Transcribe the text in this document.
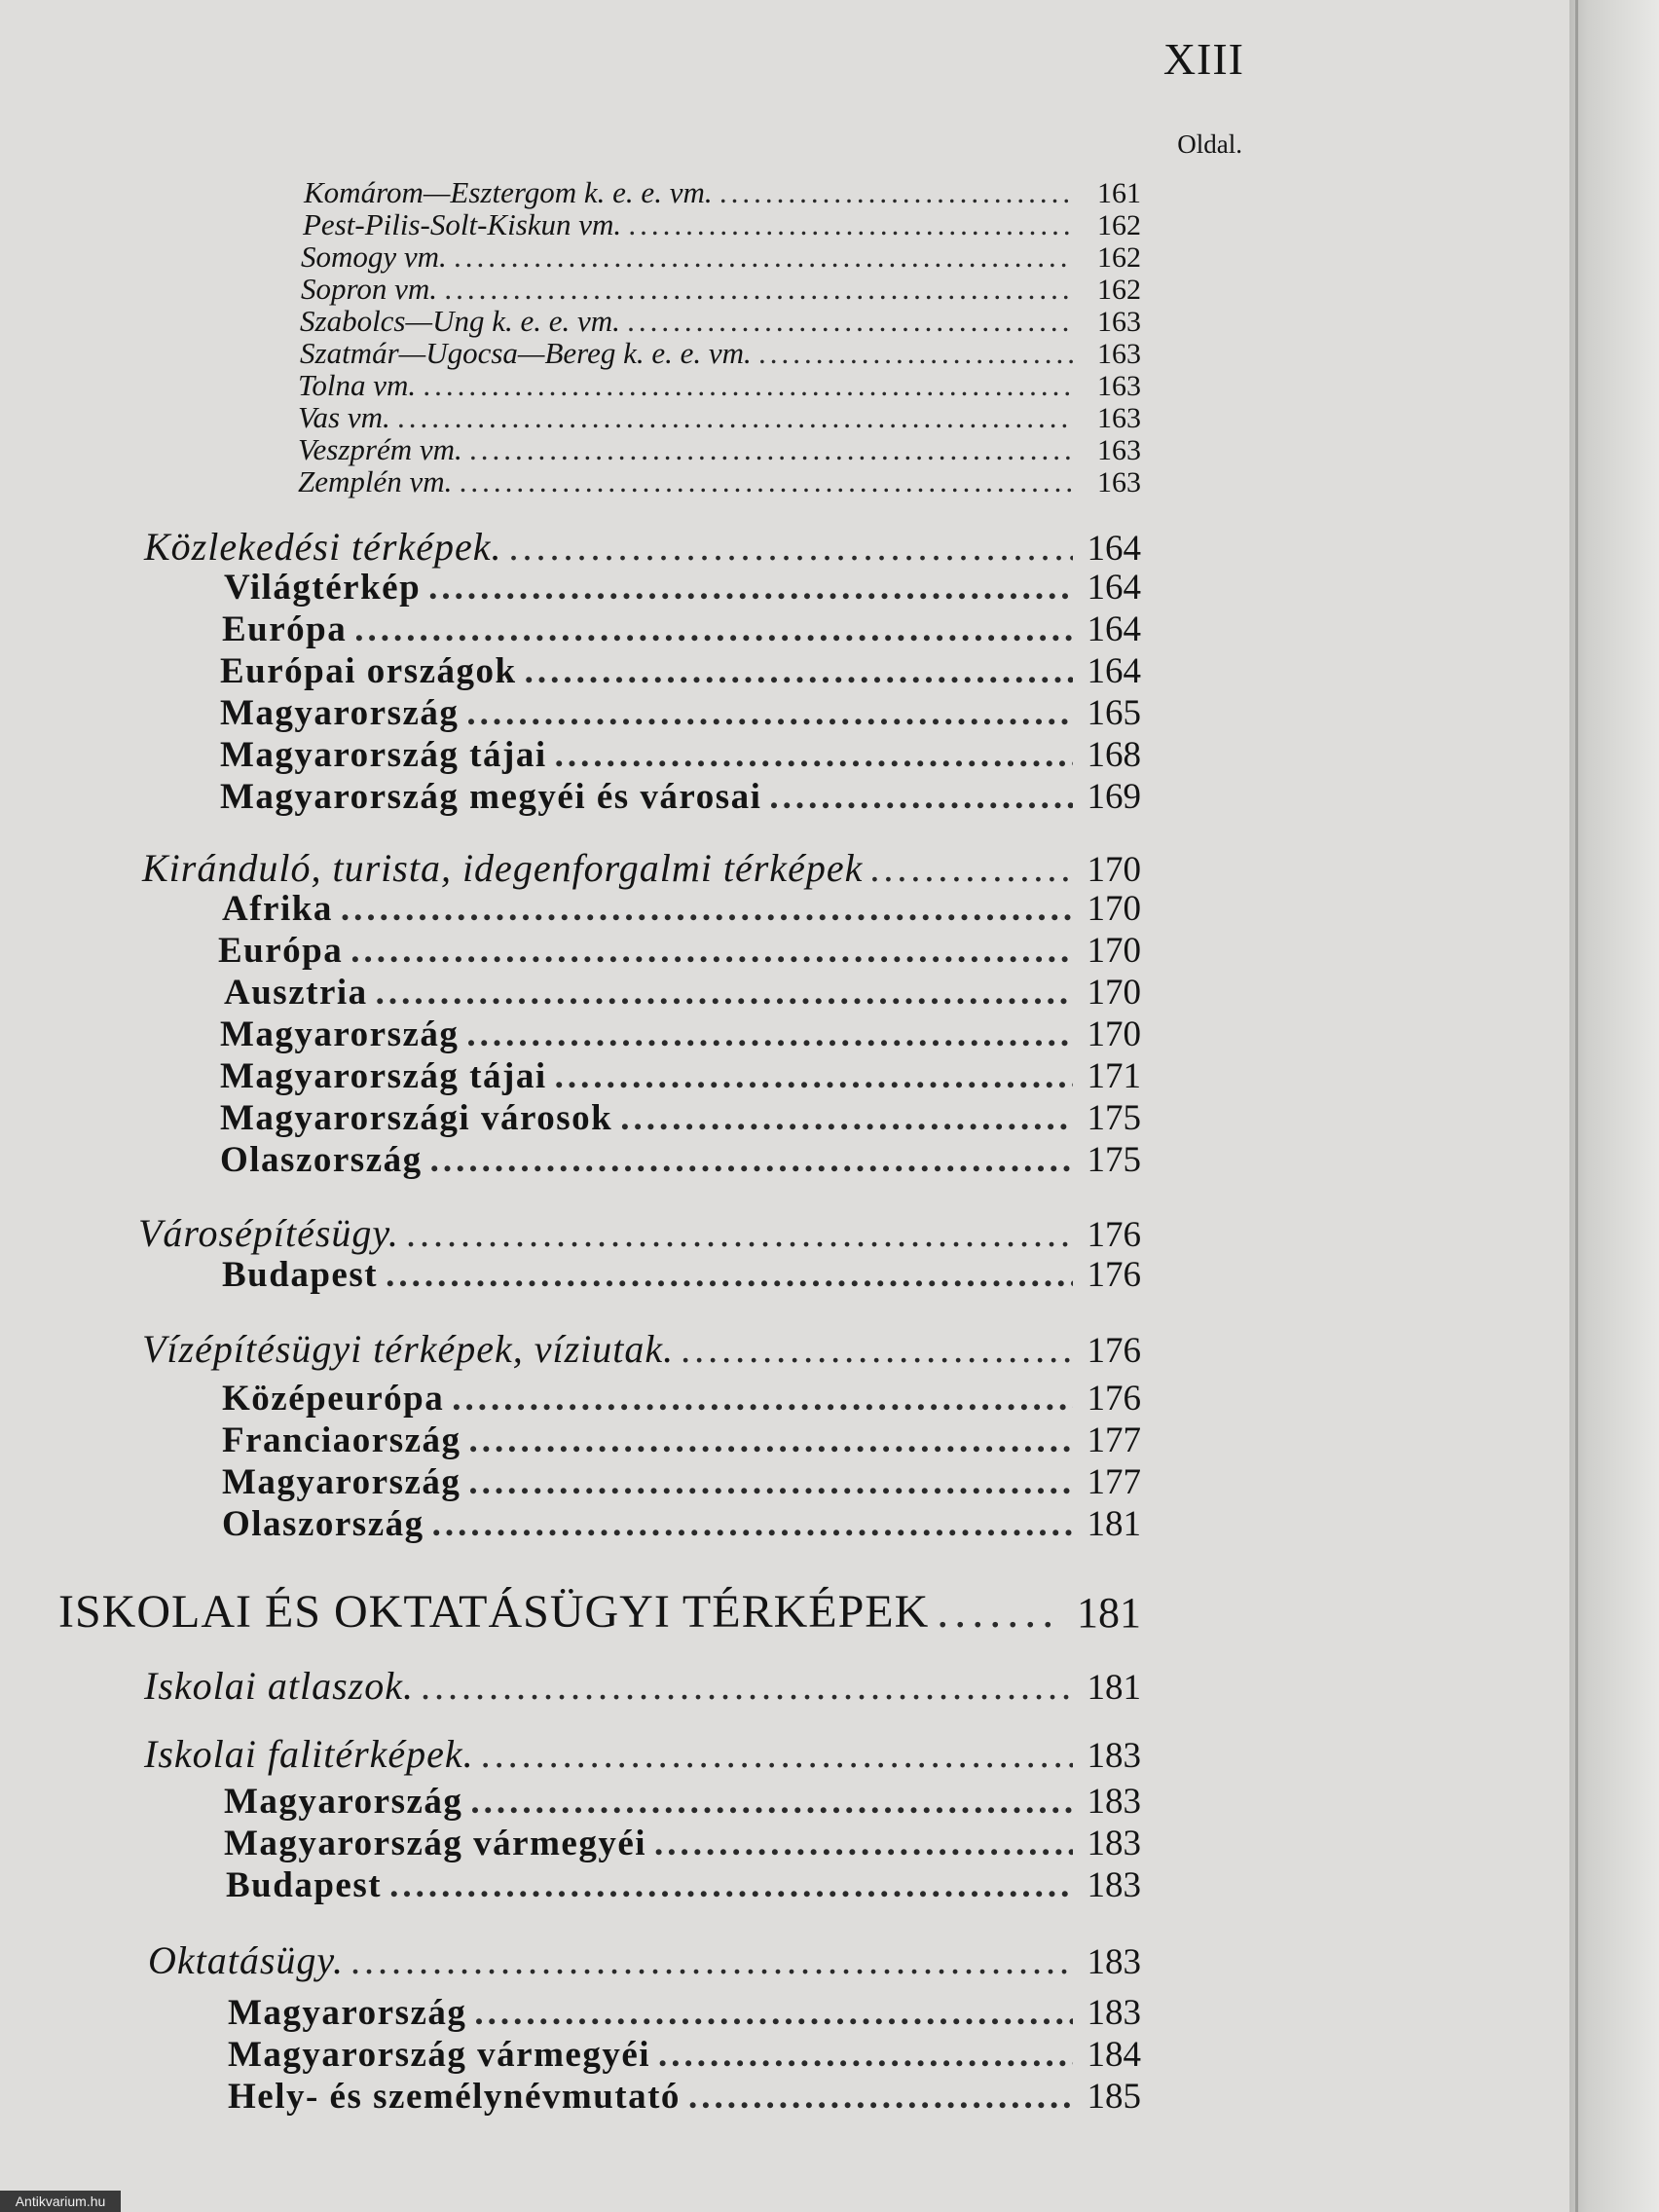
XIII
Oldal.
Komárom—Esztergom k. e. e. vm. .....	161
Pest-Pilis-Solt-Kiskun vm. .....	162
Somogy vm. .....	162
Sopron vm. .....	162
Szabolcs—Ung k. e. e. vm. .....	163
Szatmár—Ugocsa—Bereg k. e. e. vm. .....	163
Tolna vm. .....	163
Vas vm. .....	163
Veszprém vm. .....	163
Zemplén vm. .....	163
Közlekedési térképek. .....	164
Világtérkép .....	164
Európa .....	164
Európai országok .....	164
Magyarország .....	165
Magyarország tájai .....	168
Magyarország megyéi és városai .....	169
Kiránduló, turista, idegenforgalmi térképek .....	170
Afrika .....	170
Európa .....	170
Ausztria .....	170
Magyarország .....	170
Magyarország tájai .....	171
Magyarországi városok .....	175
Olaszország .....	175
Városépítésügy. .....	176
Budapest .....	176
Vízépítésügyi térképek, víziutak. .....	176
Középeurópa .....	176
Franciaország .....	177
Magyarország .....	177
Olaszország .....	181
ISKOLAI ÉS OKTATÁSÜGYI TÉRKÉPEK .....	181
Iskolai atlaszok. .....	181
Iskolai falitérképek. .....	183
Magyarország .....	183
Magyarország vármegyéi .....	183
Budapest .....	183
Oktatásügy. .....	183
Magyarország .....	183
Magyarország vármegyéi .....	184
Hely- és személynévmutató .....	185
Antikvarium.hu
